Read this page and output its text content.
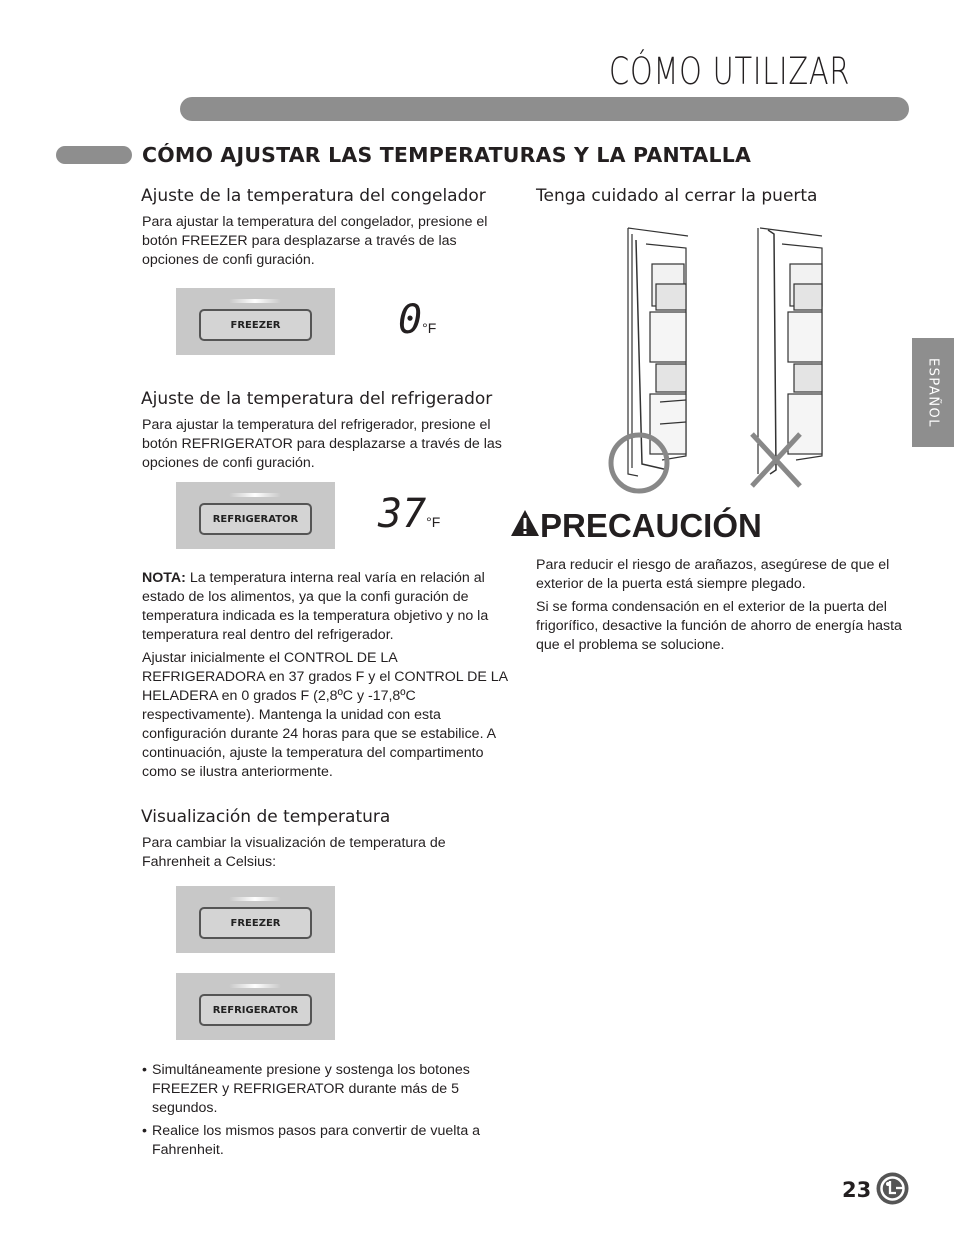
CÓMO UTILIZAR
CÓMO AJUSTAR LAS TEMPERATURAS Y LA PANTALLA
Ajuste de la temperatura del congelador

Para ajustar la temperatura del congelador, presione el botón FREEZER para desplazarse a través de las opciones de confi guración.

FREEZER	0°F
Ajuste de la temperatura del refrigerador

Para ajustar la temperatura del refrigerador, presione el botón REFRIGERATOR para desplazarse a través de las opciones de confi guración.

REFRIGERATOR	37°F

NOTA: La temperatura interna real varía en relación al estado de los alimentos, ya que la confi guración de temperatura indicada es la temperatura objetivo y no la temperatura real dentro del refrigerador.

Ajustar inicialmente el CONTROL DE LA REFRIGERADORA en 37 grados F y el CONTROL DE LA HELADERA en 0 grados F (2,8ºC y -17,8ºC respectivamente). Mantenga la unidad con esta configuración durante 24 horas para que se estabilice. A continuación, ajuste la temperatura del compartimento como se ilustra anteriormente.

Visualización de temperatura

Para cambiar la visualización de temperatura de Fahrenheit a Celsius:

FREEZER
REFRIGERATOR
• Simultáneamente presione y sostenga los botones FREEZER y REFRIGERATOR durante más de 5 segundos.
• Realice los mismos pasos para convertir de vuelta a Fahrenheit.
Tenga cuidado al cerrar la puerta
PRECAUCIÓN

Para reducir el riesgo de arañazos, asegúrese de que el exterior de la puerta está siempre plegado.

Si se forma condensación en el exterior de la puerta del frigorífico, desactive la función de ahorro de energía hasta que el problema se solucione.

ESPAÑOL
23
LG
